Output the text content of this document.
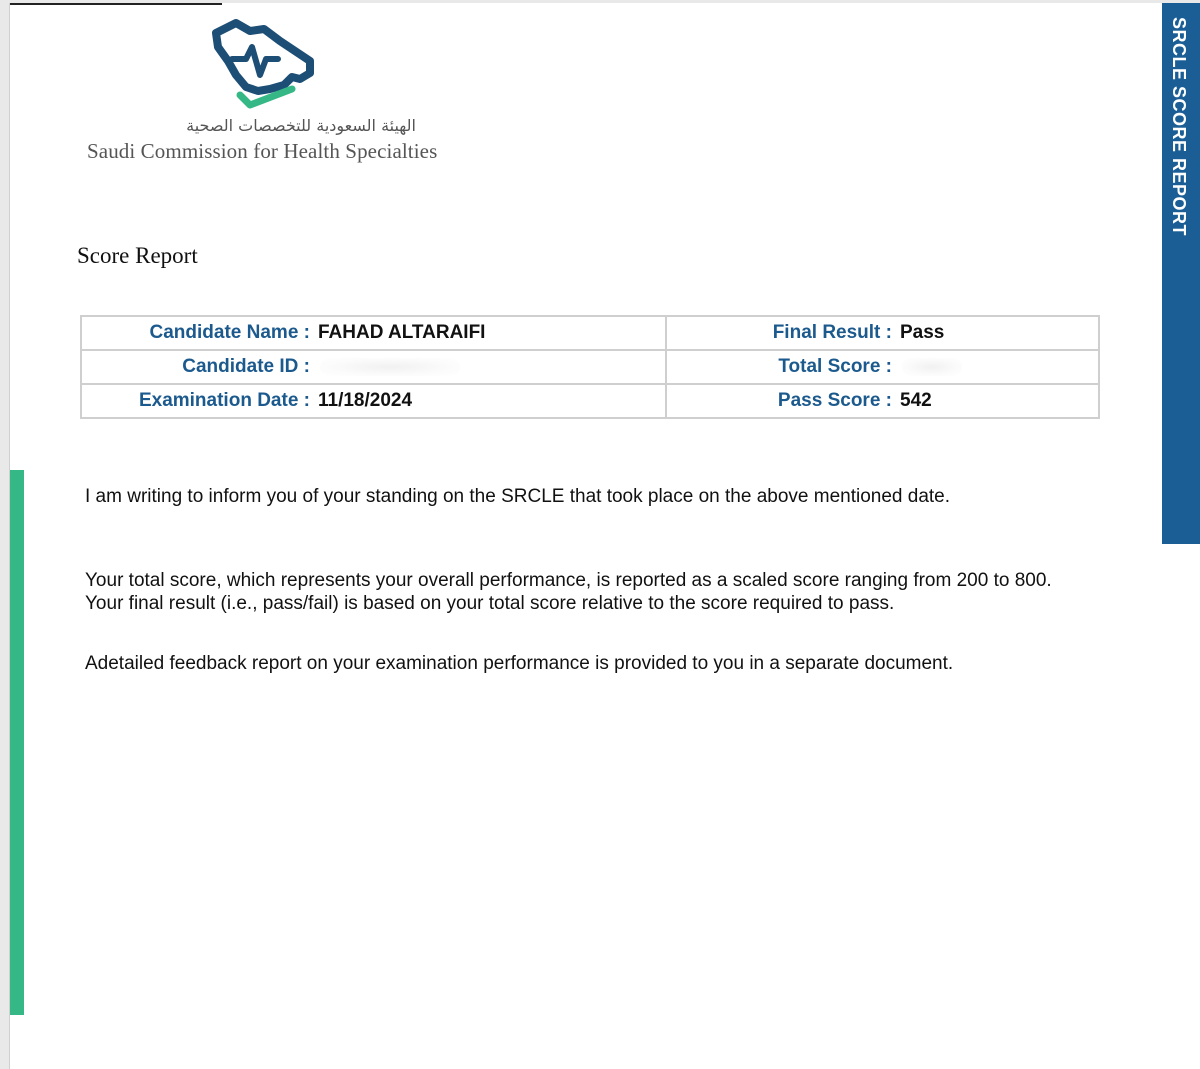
الهيئة السعودية للتخصصات الصحية
Saudi Commission for Health Specialties
Score Report
Candidate Name : FAHAD ALTARAIFI	Final Result : Pass

Candidate ID :	Total Score :

Examination Date : 11/18/2024	Pass Score : 542
I am writing to inform you of your standing on the SRCLE that took place on the above mentioned date.
Your total score, which represents your overall performance, is reported as a scaled score ranging from 200 to 800. Your final result (i.e., pass/fail) is based on your total score relative to the score required to pass.
Adetailed feedback report on your examination performance is provided to you in a separate document.
SRCLE SCORE REPORT
